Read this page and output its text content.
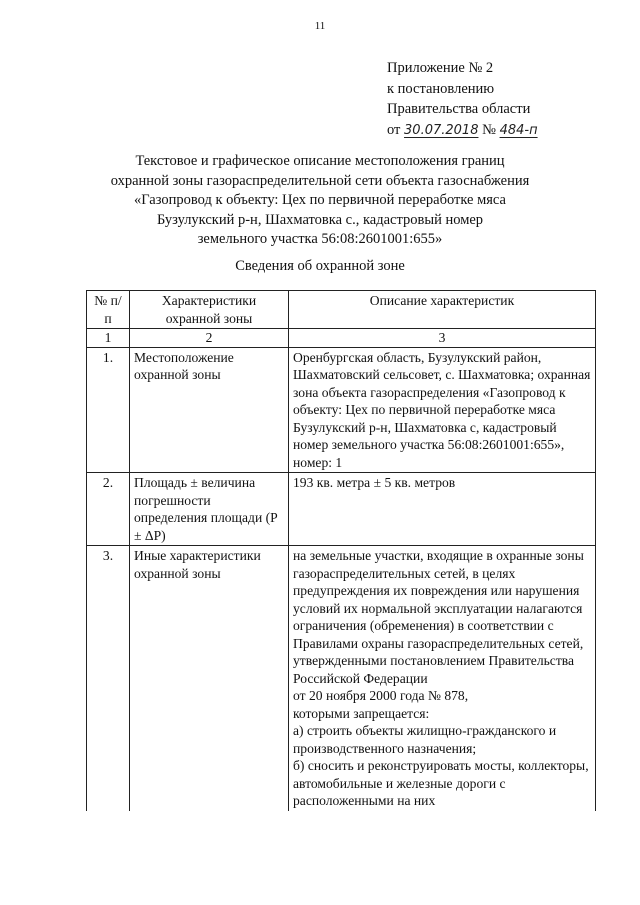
11
Приложение № 2
к постановлению
Правительства области
от 30.07.2018 № 484-п
Текстовое и графическое описание местоположения границ
охранной зоны газораспределительной сети объекта газоснабжения
«Газопровод к объекту: Цех по первичной переработке мяса
Бузулукский р-н, Шахматовка с., кадастровый номер
земельного участка 56:08:2601001:655»
Сведения об охранной зоне
№ п/п	Характеристики охранной зоны	Описание характеристик
1	2	3
1.	Местоположение охранной зоны	Оренбургская область, Бузулукский район, Шахматовский сельсовет, с. Шахматовка; охранная зона объекта газораспределения «Газопровод к объекту: Цех по первичной переработке мяса Бузулукский р-н, Шахматовка с, кадастровый номер земельного участка 56:08:2601001:655», номер: 1
2.	Площадь ± величина погрешности определения площади (Р ± ΔР)	193 кв. метра ± 5 кв. метров
3.	Иные характеристики охранной зоны	на земельные участки, входящие в охранные зоны газораспределительных сетей, в целях предупреждения их повреждения или нарушения условий их нормальной эксплуатации налагаются ограничения (обременения) в соответствии с Правилами охраны газораспределительных сетей, утвержденными постановлением Правительства Российской Федерации
от 20 ноября 2000 года № 878,
которыми запрещается:
а) строить объекты жилищно-гражданского и производственного назначения;
б) сносить и реконструировать мосты, коллекторы, автомобильные и железные дороги с расположенными на них
